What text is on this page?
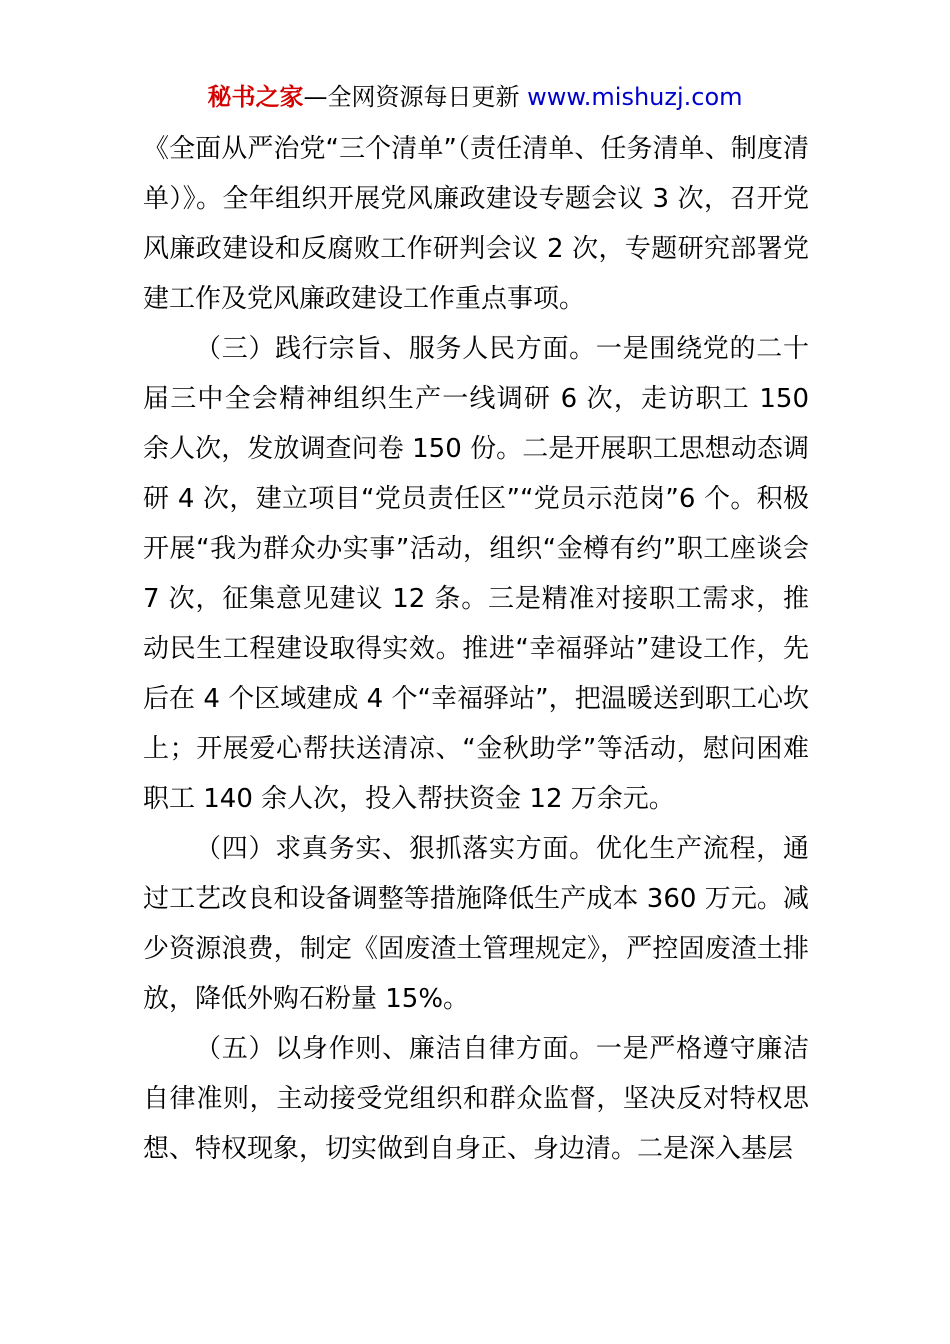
秘书之家—全网资源每日更新 www.mishuzj.com

《全面从严治党“三个清单”（责任清单、任务清单、制度清单）》。全年组织开展党风廉政建设专题会议 3 次，召开党风廉政建设和反腐败工作研判会议 2 次，专题研究部署党建工作及党风廉政建设工作重点事项。

（三）践行宗旨、服务人民方面。一是围绕党的二十届三中全会精神组织生产一线调研 6 次，走访职工 150 余人次，发放调查问卷 150 份。二是开展职工思想动态调研 4 次，建立项目“党员责任区”“党员示范岗”6 个。积极开展“我为群众办实事”活动，组织“金樽有约”职工座谈会 7 次，征集意见建议 12 条。三是精准对接职工需求，推动民生工程建设取得实效。推进“幸福驿站”建设工作，先后在 4 个区域建成 4 个“幸福驿站”，把温暖送到职工心坎上；开展爱心帮扶送清凉、“金秋助学”等活动，慰问困难职工 140 余人次，投入帮扶资金 12 万余元。

（四）求真务实、狠抓落实方面。优化生产流程，通过工艺改良和设备调整等措施降低生产成本 360 万元。减少资源浪费，制定《固废渣土管理规定》，严控固废渣土排放，降低外购石粉量 15%。

（五）以身作则、廉洁自律方面。一是严格遵守廉洁自律准则，主动接受党组织和群众监督，坚决反对特权思想、特权现象，切实做到自身正、身边清。二是深入基层
